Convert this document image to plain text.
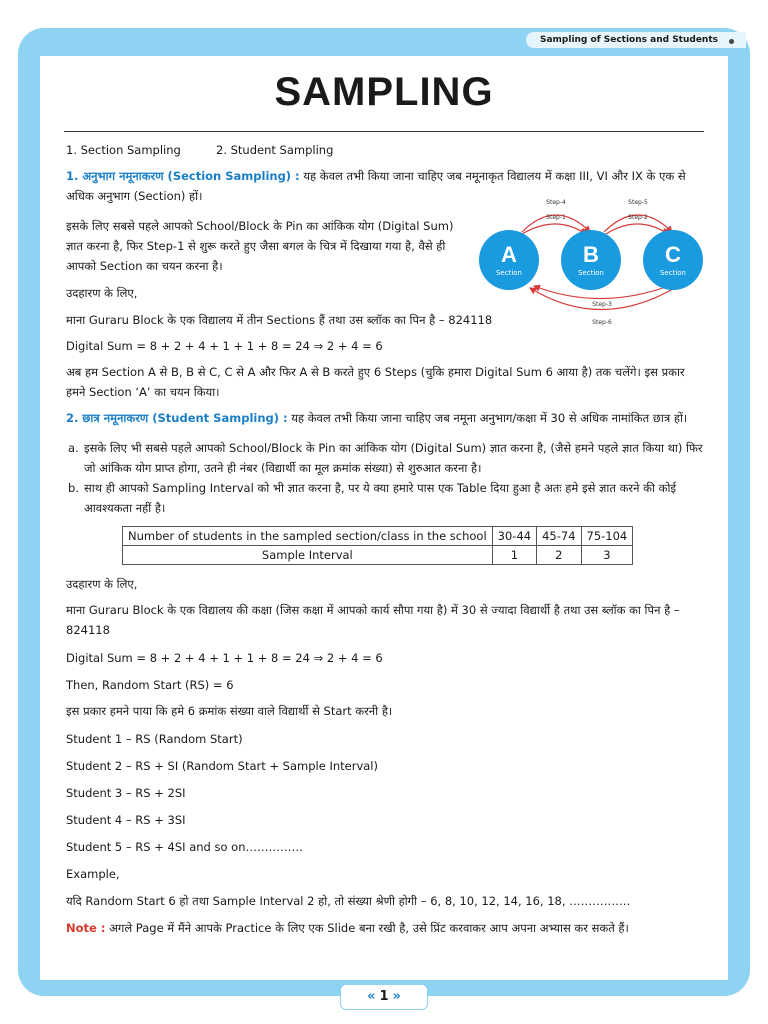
Sampling of Sections and Students
SAMPLING
1. Section Sampling	2. Student Sampling
1. अनुभाग नमूनाकरण (Section Sampling) : यह केवल तभी किया जाना चाहिए जब नमूनाकृत विद्यालय में कक्षा III, VI और IX के एक से अधिक अनुभाग (Section) हों।
इसके लिए सबसे पहले आपको School/Block के Pin का आंकिक योग (Digital Sum) ज्ञात करना है, फिर Step-1 से शुरू करते हुए जैसा बगल के चित्र में दिखाया गया है, वैसे ही आपको Section का चयन करना है।
उदहारण के लिए,
माना Guraru Block के एक विद्यालय में तीन Sections हैं तथा उस ब्लॉक का पिन है – 824118
Digital Sum = 8 + 2 + 4 + 1 + 1 + 8 = 24 ⇒ 2 + 4 = 6
अब हम Section A से B, B से C, C से A और फिर A से B करते हुए 6 Steps (चुकि हमारा Digital Sum 6 आया है) तक चलेंगे। इस प्रकार हमने Section ‘A’ का चयन किया।
Step-4
Step-1
Step-5
Step-2
Step-3
Step-6
A	B	C
Section	Section	Section
2. छात्र नमूनाकरण (Student Sampling) : यह केवल तभी किया जाना चाहिए जब नमूना अनुभाग/कक्षा में 30 से अधिक नामांकित छात्र हों।
a. इसके लिए भी सबसे पहले आपको School/Block के Pin का आंकिक योग (Digital Sum) ज्ञात करना है, (जैसे हमने पहले ज्ञात किया था) फिर जो आंकिक योग प्राप्त होगा, उतने ही नंबर (विद्यार्थी का मूल क्रमांक संख्या) से शुरुआत करना है।
b. साथ ही आपको Sampling Interval को भी ज्ञात करना है, पर ये क्या हमारे पास एक Table दिया हुआ है अतः हमे इसे ज्ञात करने की कोई आवश्यकता नहीं है।
Number of students in the sampled section/class in the school	30-44	45-74	75-104
Sample Interval	1	2	3
उदहारण के लिए,
माना Guraru Block के एक विद्यालय की कक्षा (जिस कक्षा में आपको कार्य सौपा गया है) में 30 से ज्यादा विद्यार्थी है तथा उस ब्लॉक का पिन है – 824118
Digital Sum = 8 + 2 + 4 + 1 + 1 + 8 = 24 ⇒ 2 + 4 = 6
Then, Random Start (RS) = 6
इस प्रकार हमने पाया कि हमे 6 क्रमांक संख्या वाले विद्यार्थी से Start करनी है।
Student 1 – RS (Random Start)
Student 2 – RS + SI (Random Start + Sample Interval)
Student 3 – RS + 2SI
Student 4 – RS + 3SI
Student 5 – RS + 4SI and so on……………
Example,
यदि Random Start 6 हो तथा Sample Interval 2 हो, तो संख्या श्रेणी होगी – 6, 8, 10, 12, 14, 16, 18, …………….
Note : अगले Page में मैंने आपके Practice के लिए एक Slide बना रखी है, उसे प्रिंट करवाकर आप अपना अभ्यास कर सकते हैं।
« 1 »
